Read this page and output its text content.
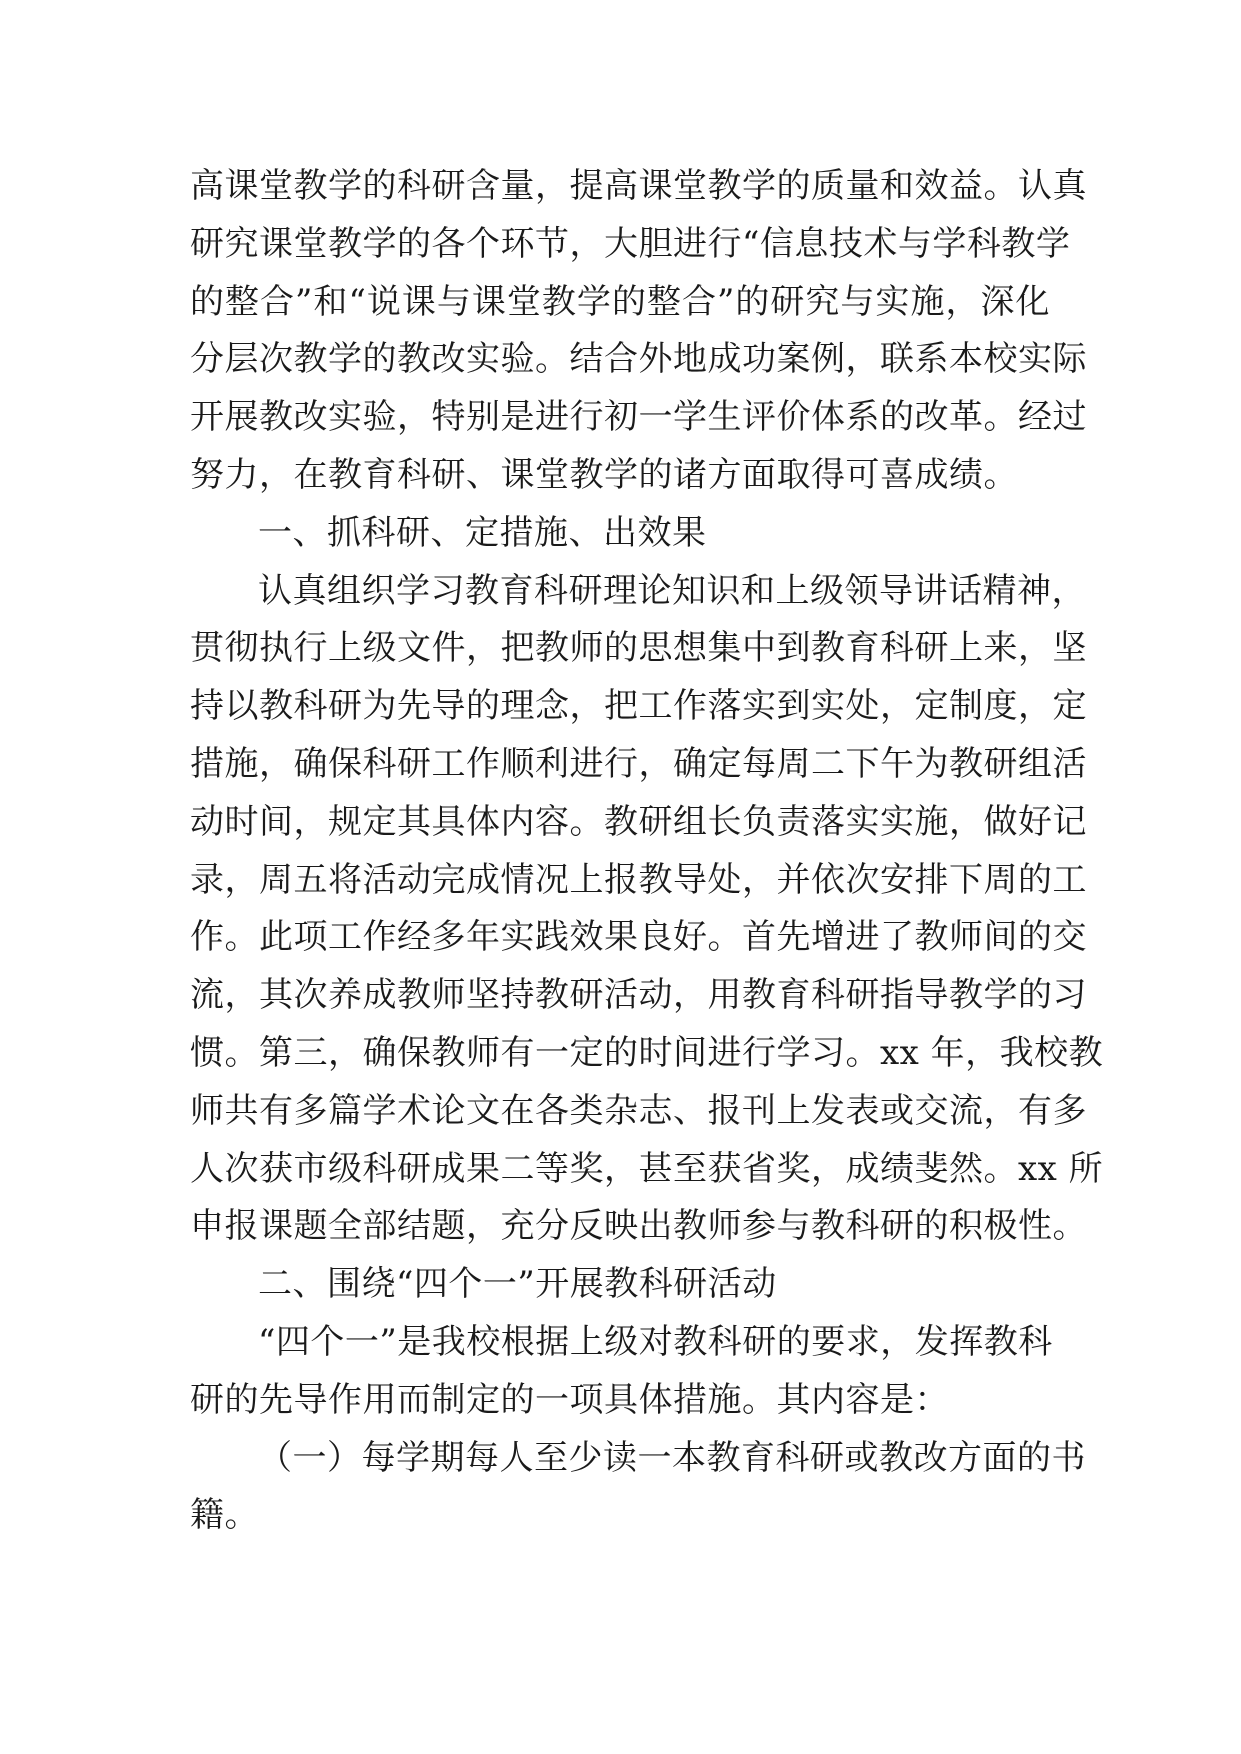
高课堂教学的科研含量，提高课堂教学的质量和效益。认真
研究课堂教学的各个环节，大胆进行“信息技术与学科教学
的整合”和“说课与课堂教学的整合”的研究与实施，深化
分层次教学的教改实验。结合外地成功案例，联系本校实际
开展教改实验，特别是进行初一学生评价体系的改革。经过
努力，在教育科研、课堂教学的诸方面取得可喜成绩。
一、抓科研、定措施、出效果
认真组织学习教育科研理论知识和上级领导讲话精神，
贯彻执行上级文件，把教师的思想集中到教育科研上来，坚
持以教科研为先导的理念，把工作落实到实处，定制度，定
措施，确保科研工作顺利进行，确定每周二下午为教研组活
动时间，规定其具体内容。教研组长负责落实实施，做好记
录，周五将活动完成情况上报教导处，并依次安排下周的工
作。此项工作经多年实践效果良好。首先增进了教师间的交
流，其次养成教师坚持教研活动，用教育科研指导教学的习
惯。第三，确保教师有一定的时间进行学习。xx 年，我校教
师共有多篇学术论文在各类杂志、报刊上发表或交流，有多
人次获市级科研成果二等奖，甚至获省奖，成绩斐然。xx 所
申报课题全部结题，充分反映出教师参与教科研的积极性。
二、围绕“四个一”开展教科研活动
“四个一”是我校根据上级对教科研的要求，发挥教科
研的先导作用而制定的一项具体措施。其内容是：
（一）每学期每人至少读一本教育科研或教改方面的书
籍。
